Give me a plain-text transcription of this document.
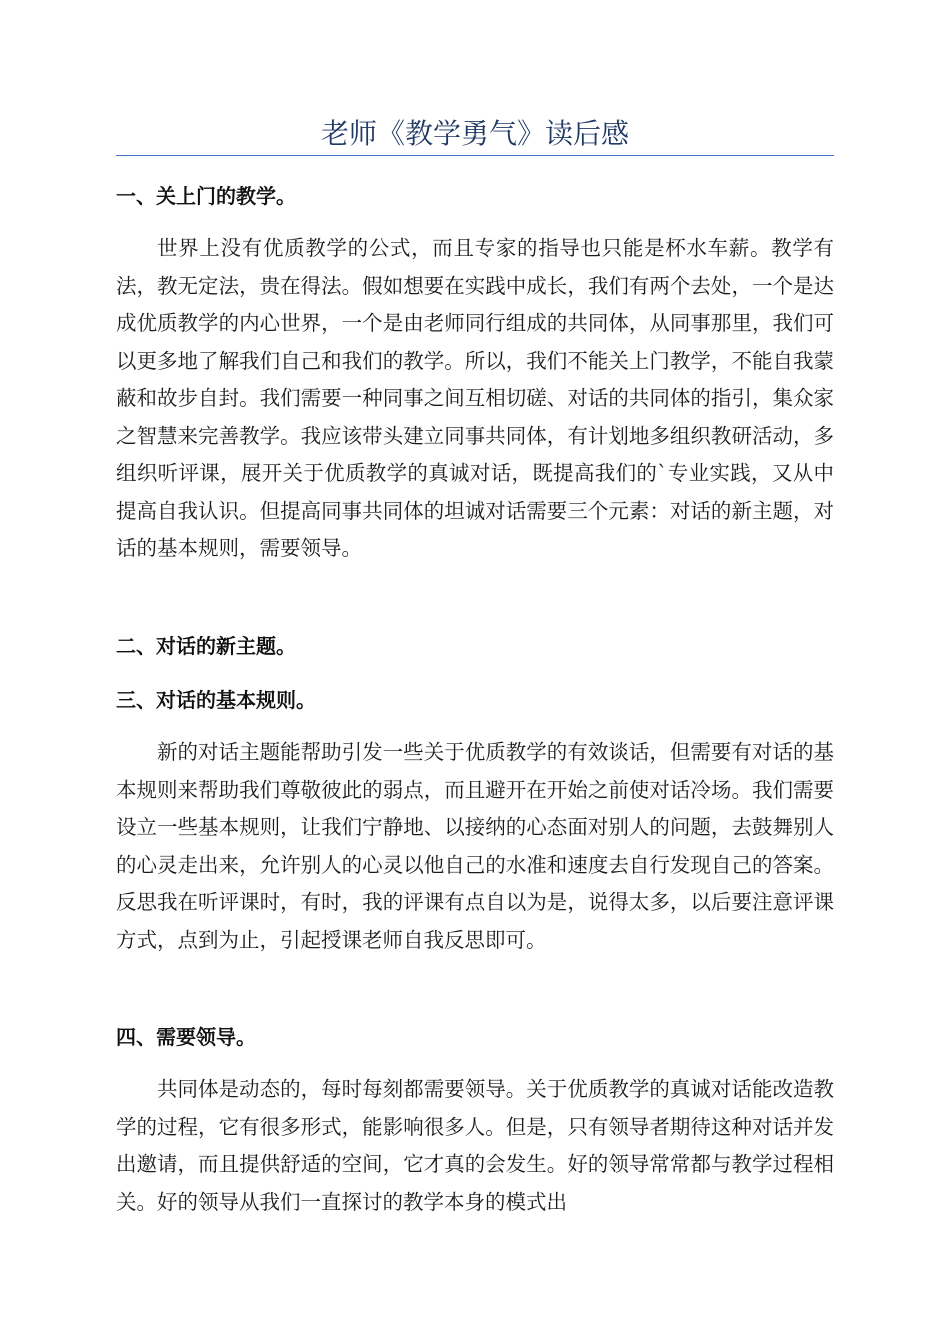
老师《教学勇气》读后感
一、关上门的教学。
世界上没有优质教学的公式，而且专家的指导也只能是杯水车薪。教学有法，教无定法，贵在得法。假如想要在实践中成长，我们有两个去处，一个是达成优质教学的内心世界，一个是由老师同行组成的共同体，从同事那里，我们可以更多地了解我们自己和我们的教学。所以，我们不能关上门教学，不能自我蒙蔽和故步自封。我们需要一种同事之间互相切磋、对话的共同体的指引，集众家之智慧来完善教学。我应该带头建立同事共同体，有计划地多组织教研活动，多组织听评课，展开关于优质教学的真诚对话，既提高我们的`专业实践，又从中提高自我认识。但提高同事共同体的坦诚对话需要三个元素：对话的新主题，对话的基本规则，需要领导。
二、对话的新主题。
三、对话的基本规则。
新的对话主题能帮助引发一些关于优质教学的有效谈话，但需要有对话的基本规则来帮助我们尊敬彼此的弱点，而且避开在开始之前使对话冷场。我们需要设立一些基本规则，让我们宁静地、以接纳的心态面对别人的问题，去鼓舞别人的心灵走出来，允许别人的心灵以他自己的水准和速度去自行发现自己的答案。反思我在听评课时，有时，我的评课有点自以为是，说得太多，以后要注意评课方式，点到为止，引起授课老师自我反思即可。
四、需要领导。
共同体是动态的，每时每刻都需要领导。关于优质教学的真诚对话能改造教学的过程，它有很多形式，能影响很多人。但是，只有领导者期待这种对话并发出邀请，而且提供舒适的空间，它才真的会发生。好的领导常常都与教学过程相关。好的领导从我们一直探讨的教学本身的模式出
